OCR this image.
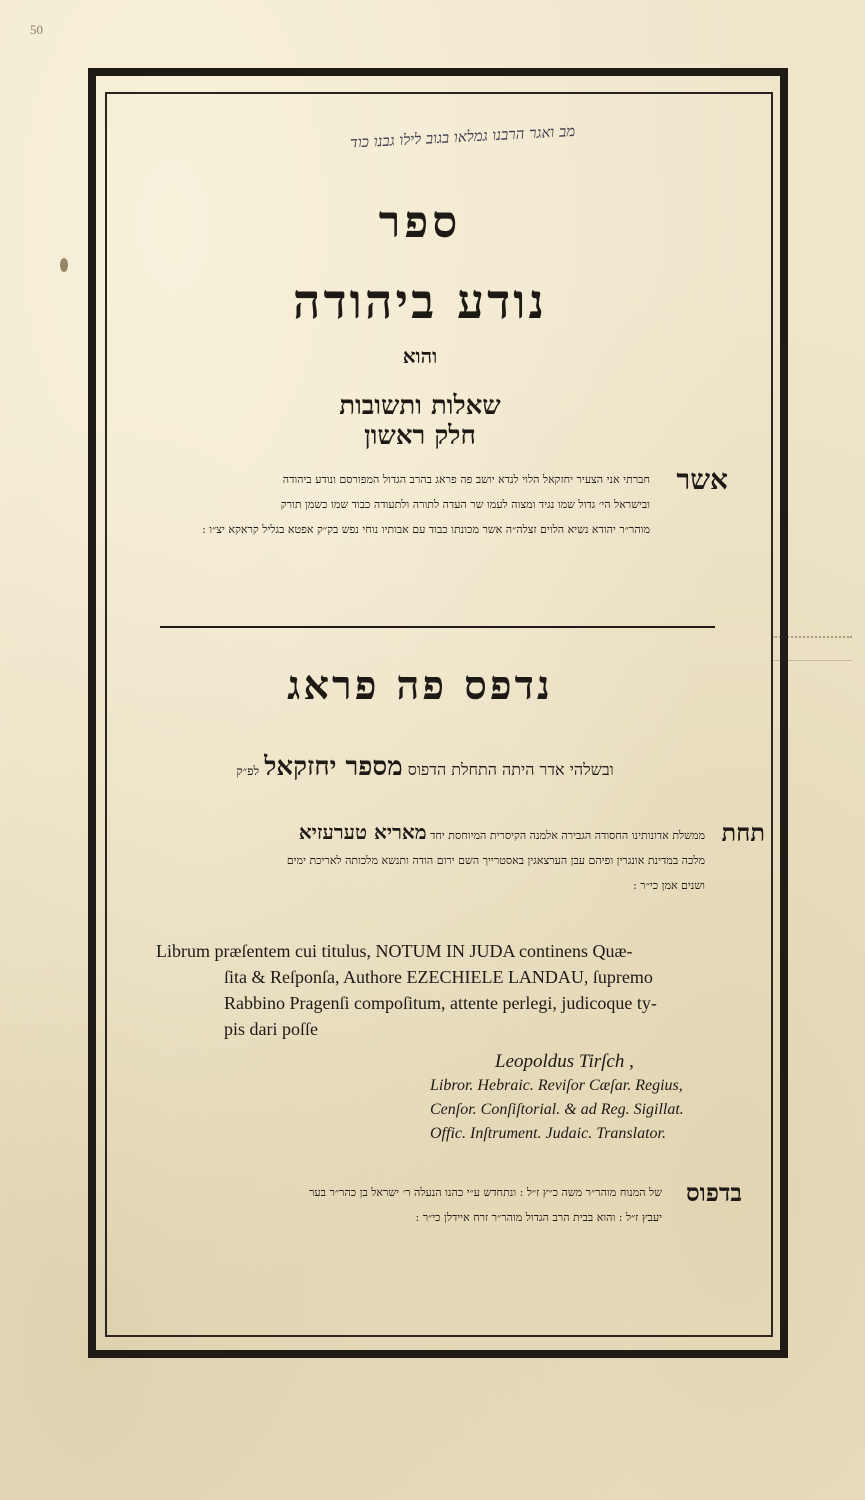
50
מב ואגר הרבנו גמלאו בגוב לילו גבנו כוד
ספר
נודע ביהודה
והוא
שאלות ותשובות
חלק ראשון
אשר
חברתי אני הצעיר יחזקאל הלוי לנדא יושב פה פראג בהרב הגדול המפורסם ונודע ביהודה
ובישראל הי׳ גדול שמו נגיד ומצוה לעמו שר העדה לתורה ולתעודה כבוד שמו כשמן תורק
מוהר״ר יהודא נשיא הלוים זצלה״ה אשר מכונתו כבוד עם אבותיו נוחי נפש בק״ק אפטא בגליל קראקא יצ״ו :
נדפס פה פראג
ובשלהי אדר היתה התחלת הדפוס מספר יחזקאל לפ״ק
תחת
ממשלת אדונותינו החסודה הגבירה אלמנה הקיסרית המיוחסת יחד מאריא טערעזיא
מלכה במדינת אונגרין ופיהם עבן הערצאגין באסטרייך השם ירום הודה ותנשא מלכותה לאריכת ימים
ושנים אמן כי״ר :

Librum præſentem cui titulus, NOTUM IN JUDA continens Quæ-

ſita & Reſponſa, Authore EZECHIELE LANDAU, ſupremo

Rabbino Pragenſi compoſitum, attente perlegi, judicoque ty-

pis dari poſſe

Leopoldus Tirſch ,
Libror. Hebraic. Reviſor Cæſar. Regius,
Cenſor. Conſiſtorial. & ad Reg. Sigillat.
Offic. Inſtrument. Judaic. Translator.
בדפוס
של המנוח מוהר״ר משה כ״ץ ז״ל : ונתחדש ע״י כהנו הנעלה ר׳ ישראל בן כהר״ר בער
יעבץ ז״ל : והוא בבית הרב הגדול מוהר״ר זרח איידלן כי״ר :
